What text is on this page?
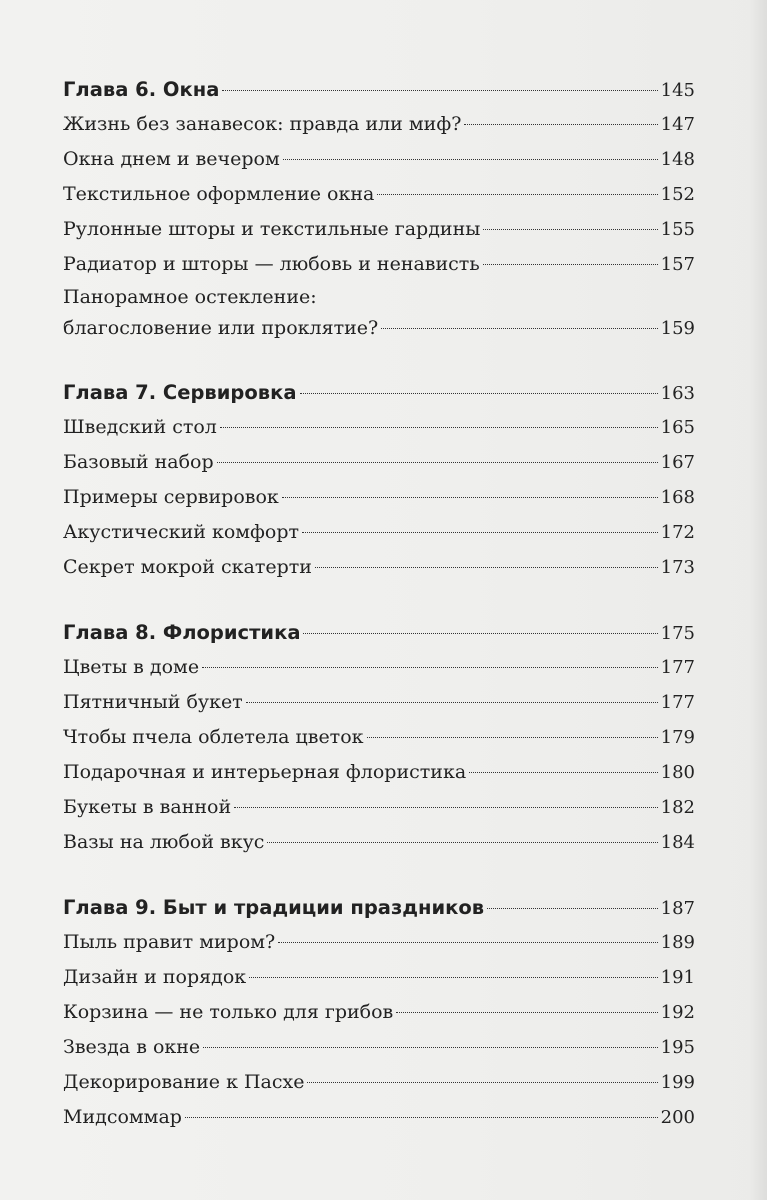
Глава 6. Окна	145
Жизнь без занавесок: правда или миф?	147
Окна днем и вечером	148
Текстильное оформление окна	152
Рулонные шторы и текстильные гардины	155
Радиатор и шторы — любовь и ненависть	157
Панорамное остекление:
благословение или проклятие?	159
Глава 7. Сервировка	163
Шведский стол	165
Базовый набор	167
Примеры сервировок	168
Акустический комфорт	172
Секрет мокрой скатерти	173
Глава 8. Флористика	175
Цветы в доме	177
Пятничный букет	177
Чтобы пчела облетела цветок	179
Подарочная и интерьерная флористика	180
Букеты в ванной	182
Вазы на любой вкус	184
Глава 9. Быт и традиции праздников	187
Пыль правит миром?	189
Дизайн и порядок	191
Корзина — не только для грибов	192
Звезда в окне	195
Декорирование к Пасхе	199
Мидсоммар	200
